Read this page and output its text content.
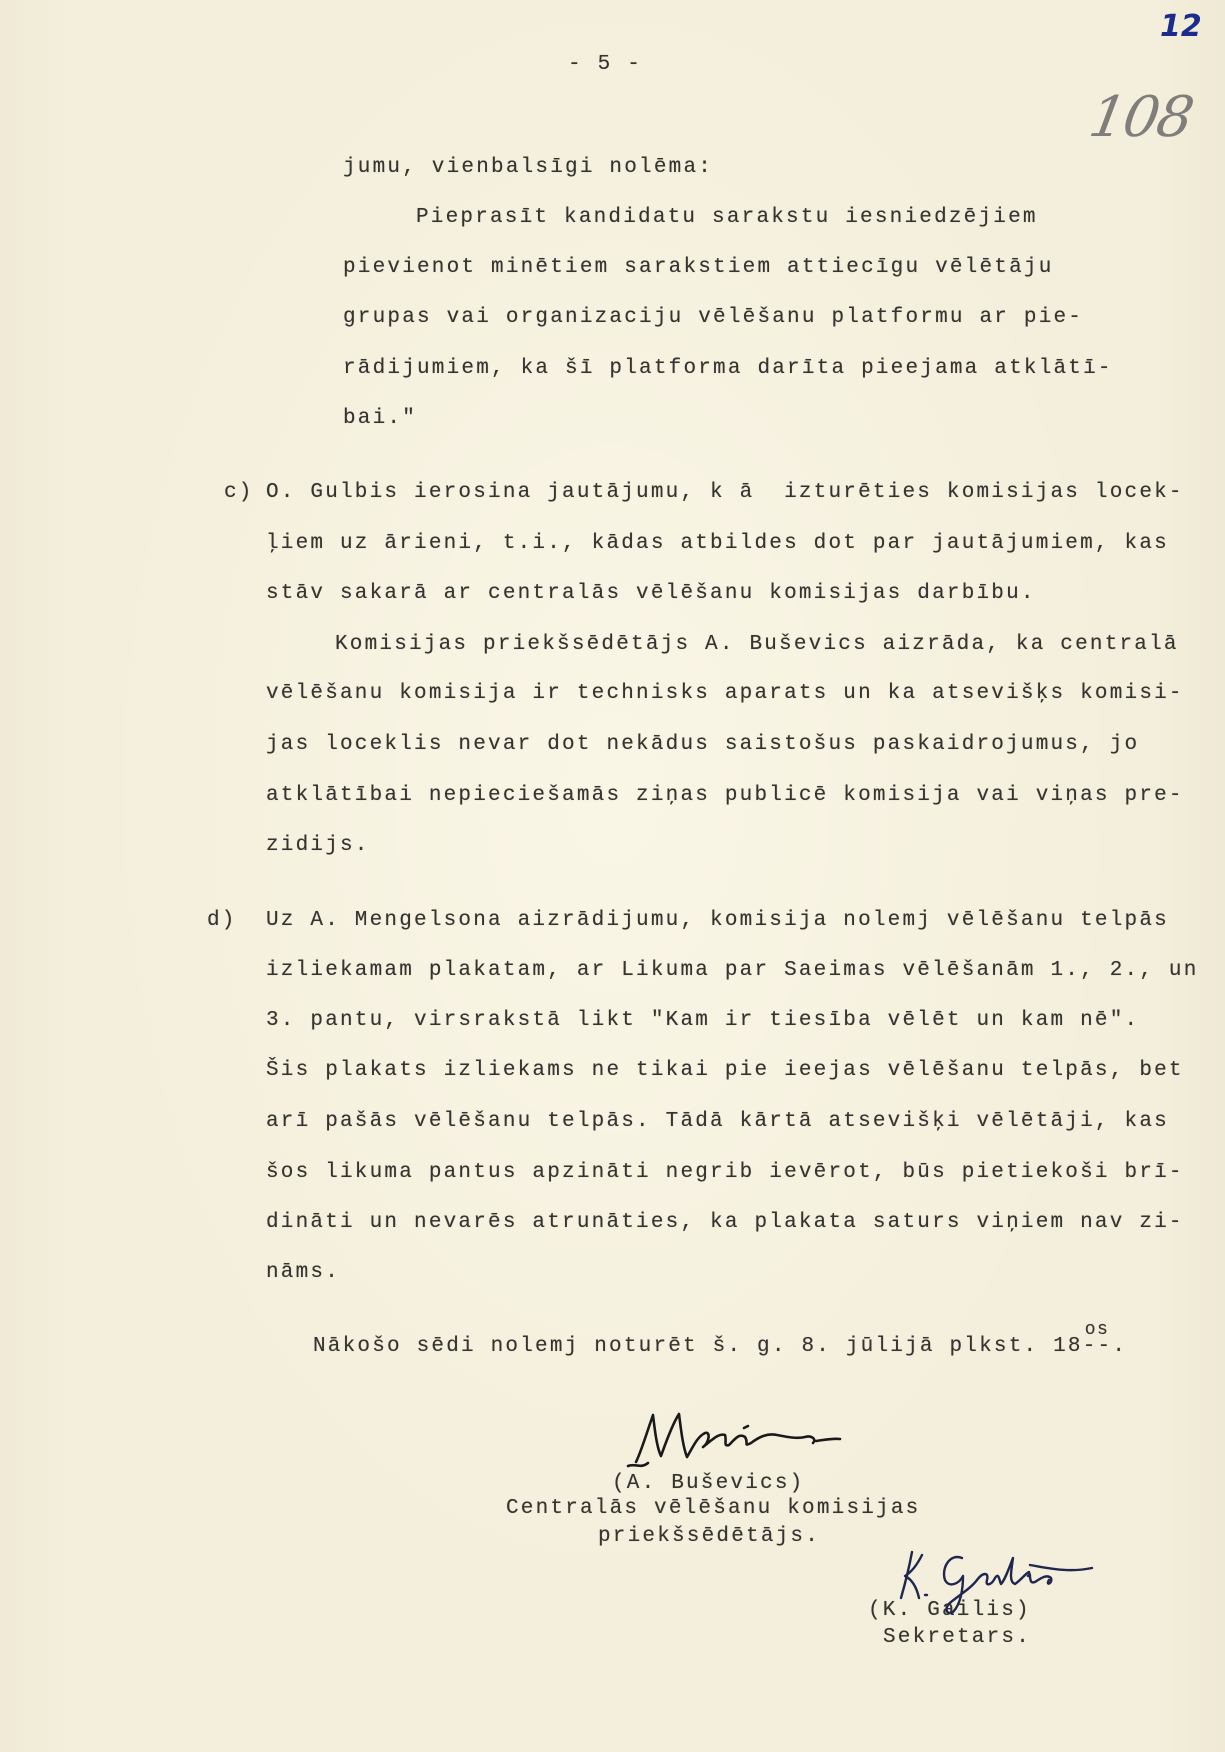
12
108
- 5 -
jumu, vienbalsīgi nolēma:
Pieprasīt kandidatu sarakstu iesniedzējiem
pievienot minētiem sarakstiem attiecīgu vēlētāju
grupas vai organizaciju vēlēšanu platformu ar pie-
rādijumiem, ka šī platforma darīta pieejama atklātī-
bai."
c) O. Gulbis ierosina jautājumu, k ā  izturēties komisijas locek-
ļiem uz ārieni, t.i., kādas atbildes dot par jautājumiem, kas
stāv sakarā ar centralās vēlēšanu komisijas darbību.
Komisijas priekšsēdētājs A. Buševics aizrāda, ka centralā
vēlēšanu komisija ir technisks aparats un ka atsevišķs komisi-
jas loceklis nevar dot nekādus saistošus paskaidrojumus, jo
atklātībai nepieciešamās ziņas publicē komisija vai viņas pre-
zidijs.
d) Uz A. Mengelsona aizrādijumu, komisija nolemj vēlēšanu telpās
izliekamam plakatam, ar Likuma par Saeimas vēlēšanām 1., 2., un
3. pantu, virsrakstā likt "Kam ir tiesība vēlēt un kam nē".
Šis plakats izliekams ne tikai pie ieejas vēlēšanu telpās, bet
arī pašās vēlēšanu telpās. Tādā kārtā atsevišķi vēlētāji, kas
šos likuma pantus apzināti negrib ievērot, būs pietiekoši brī-
dināti un nevarēs atrunāties, ka plakata saturs viņiem nav zi-
nāms.
Nākošo sēdi nolemj noturēt š. g. 8. jūlijā plkst. 18
os
--.
(A. Buševics)
Centralās vēlēšanu komisijas
priekšsēdētājs.
(K. Gailis)
Sekretars.
